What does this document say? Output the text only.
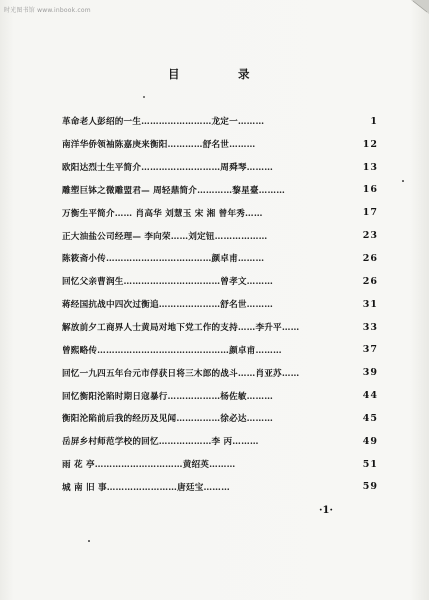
时光图书馆 www.inbook.com
目	录
革命老人彭绍的一生……………………龙定一………	1
南洋华侨领袖陈嘉庚来衡阳…………舒名世………	12
欧阳达烈士生平简介………………………周舜琴………	13
雕塑巨钵之微雕盟君— 周轻鼎简介…………黎星臺………	16
万衡生平简介…… 肖高华 刘慧玉 宋 湘 曾年秀……	17
正大油盐公司经理— 李向荣……刘定钮………………	23
陈筱斋小传………………………………颜卓甫………	26
回忆父亲曹润生……………………………曾孝文………	26
蒋经国抗战中四次过衡追…………………舒名世………	31
解放前夕工商界人士黄局对地下党工作的支持……李升平……	33
曾熙略传………………………………………颜卓甫………	37
回忆一九四五年台元市俘获日将三木郎的战斗……肖亚苏……	39
回忆衡阳沦陷时期日寇暴行………………杨佐敏………	44
衡阳沦陷前后我的经历及见闻……………徐必达………	45
岳屏乡村师范学校的回忆………………李 丙………	49
雨 花 亭…………………………黄绍英………	51
城 南 旧 事……………………唐廷宝………	59
·1·
